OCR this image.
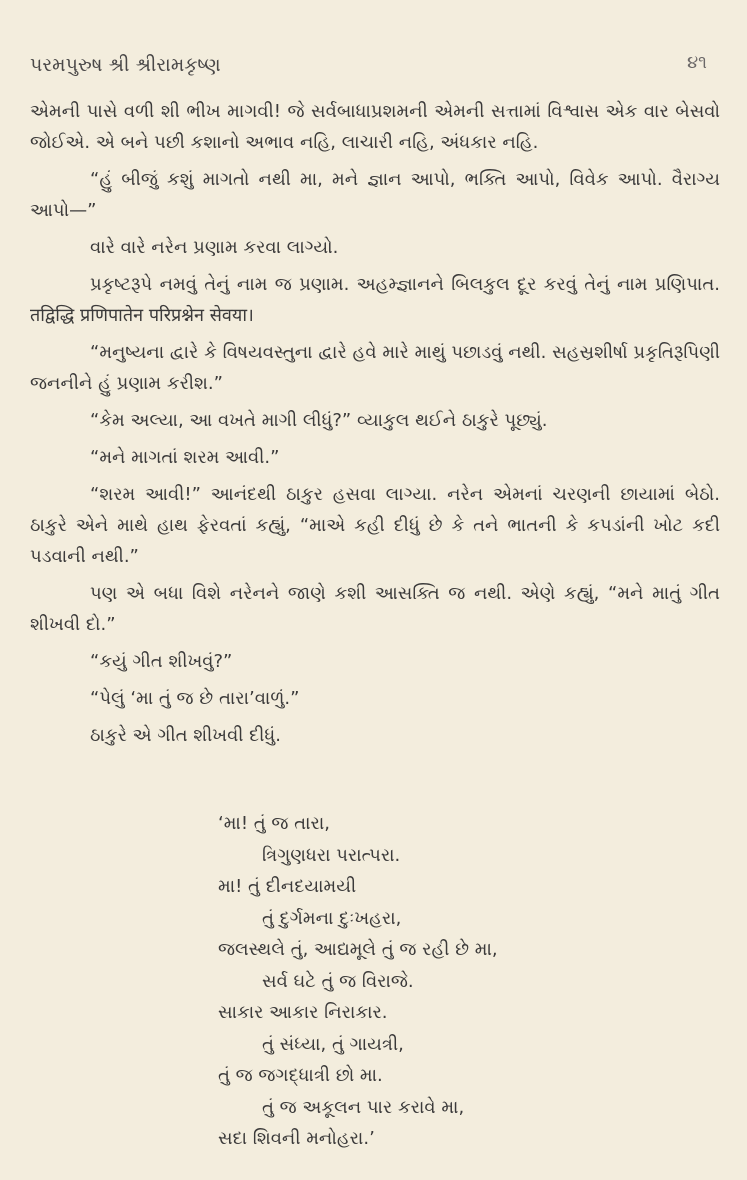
પરમપુરુષ શ્રી શ્રીરામકૃષ્ણ	૪૧

એમની પાસે વળી શી ભીખ માગવી! જે સર્વબાધાપ્રશમની એમની સત્તામાં વિશ્વાસ એક વાર બેસવો જોઈએ. એ બને પછી કશાનો અભાવ નહિ, લાચારી નહિ, અંધકાર નહિ.

“હું બીજું કશું માગતો નથી મા, મને જ્ઞાન આપો, ભક્તિ આપો, વિવેક આપો. વૈરાગ્ય આપો—”

વારે વારે નરેન પ્રણામ કરવા લાગ્યો.

પ્રકૃષ્ટરૂપે નમવું તેનું નામ જ પ્રણામ. અહમ્જ્ઞાનને બિલકુલ દૂર કરવું તેનું નામ પ્રણિપાત. तद्विद्धि प्रणिपातेन परिप्रश्नेन सेवया।

“મનુષ્યના દ્વારે કે વિષયવસ્તુના દ્વારે હવે મારે માથું પછાડવું નથી. સહસ્રશીર્ષા પ્રકૃતિરૂપિણી જનનીને હું પ્રણામ કરીશ.”

“કેમ અલ્યા, આ વખતે માગી લીધું?” વ્યાકુલ થઈને ઠાકુરે પૂછ્યું.

“મને માગતાં શરમ આવી.”

“શરમ આવી!” આનંદથી ઠાકુર હસવા લાગ્યા. નરેન એમનાં ચરણની છાયામાં બેઠો. ઠાકુરે એને માથે હાથ ફેરવતાં કહ્યું, “માએ કહી દીધું છે કે તને ભાતની કે કપડાંની ખોટ કદી પડવાની નથી.”

પણ એ બધા વિશે નરેનને જાણે કશી આસક્તિ જ નથી. એણે કહ્યું, “મને માતું ગીત શીખવી દો.”

“કયું ગીત શીખવું?”

“પેલું ‘મા તું જ છે તારા’વાળું.”

ઠાકુરે એ ગીત શીખવી દીધું.

‘મા! તું જ તારા,
ત્રિગુણધરા પરાત્પરા.
મા! તું દીનદયામયી
તું દુર્ગમના દુઃખહરા,
જલસ્થલે તું, આદ્યમૂલે તું જ રહી છે મા,
સર્વ ઘટે તું જ વિરાજે.
સાકાર આકાર નિરાકાર.
તું સંધ્યા, તું ગાયત્રી,
તું જ જગદ્ધાત્રી છો મા.
તું જ અકૂલન પાર કરાવે મા,
સદા શિવની મનોહરા.’
